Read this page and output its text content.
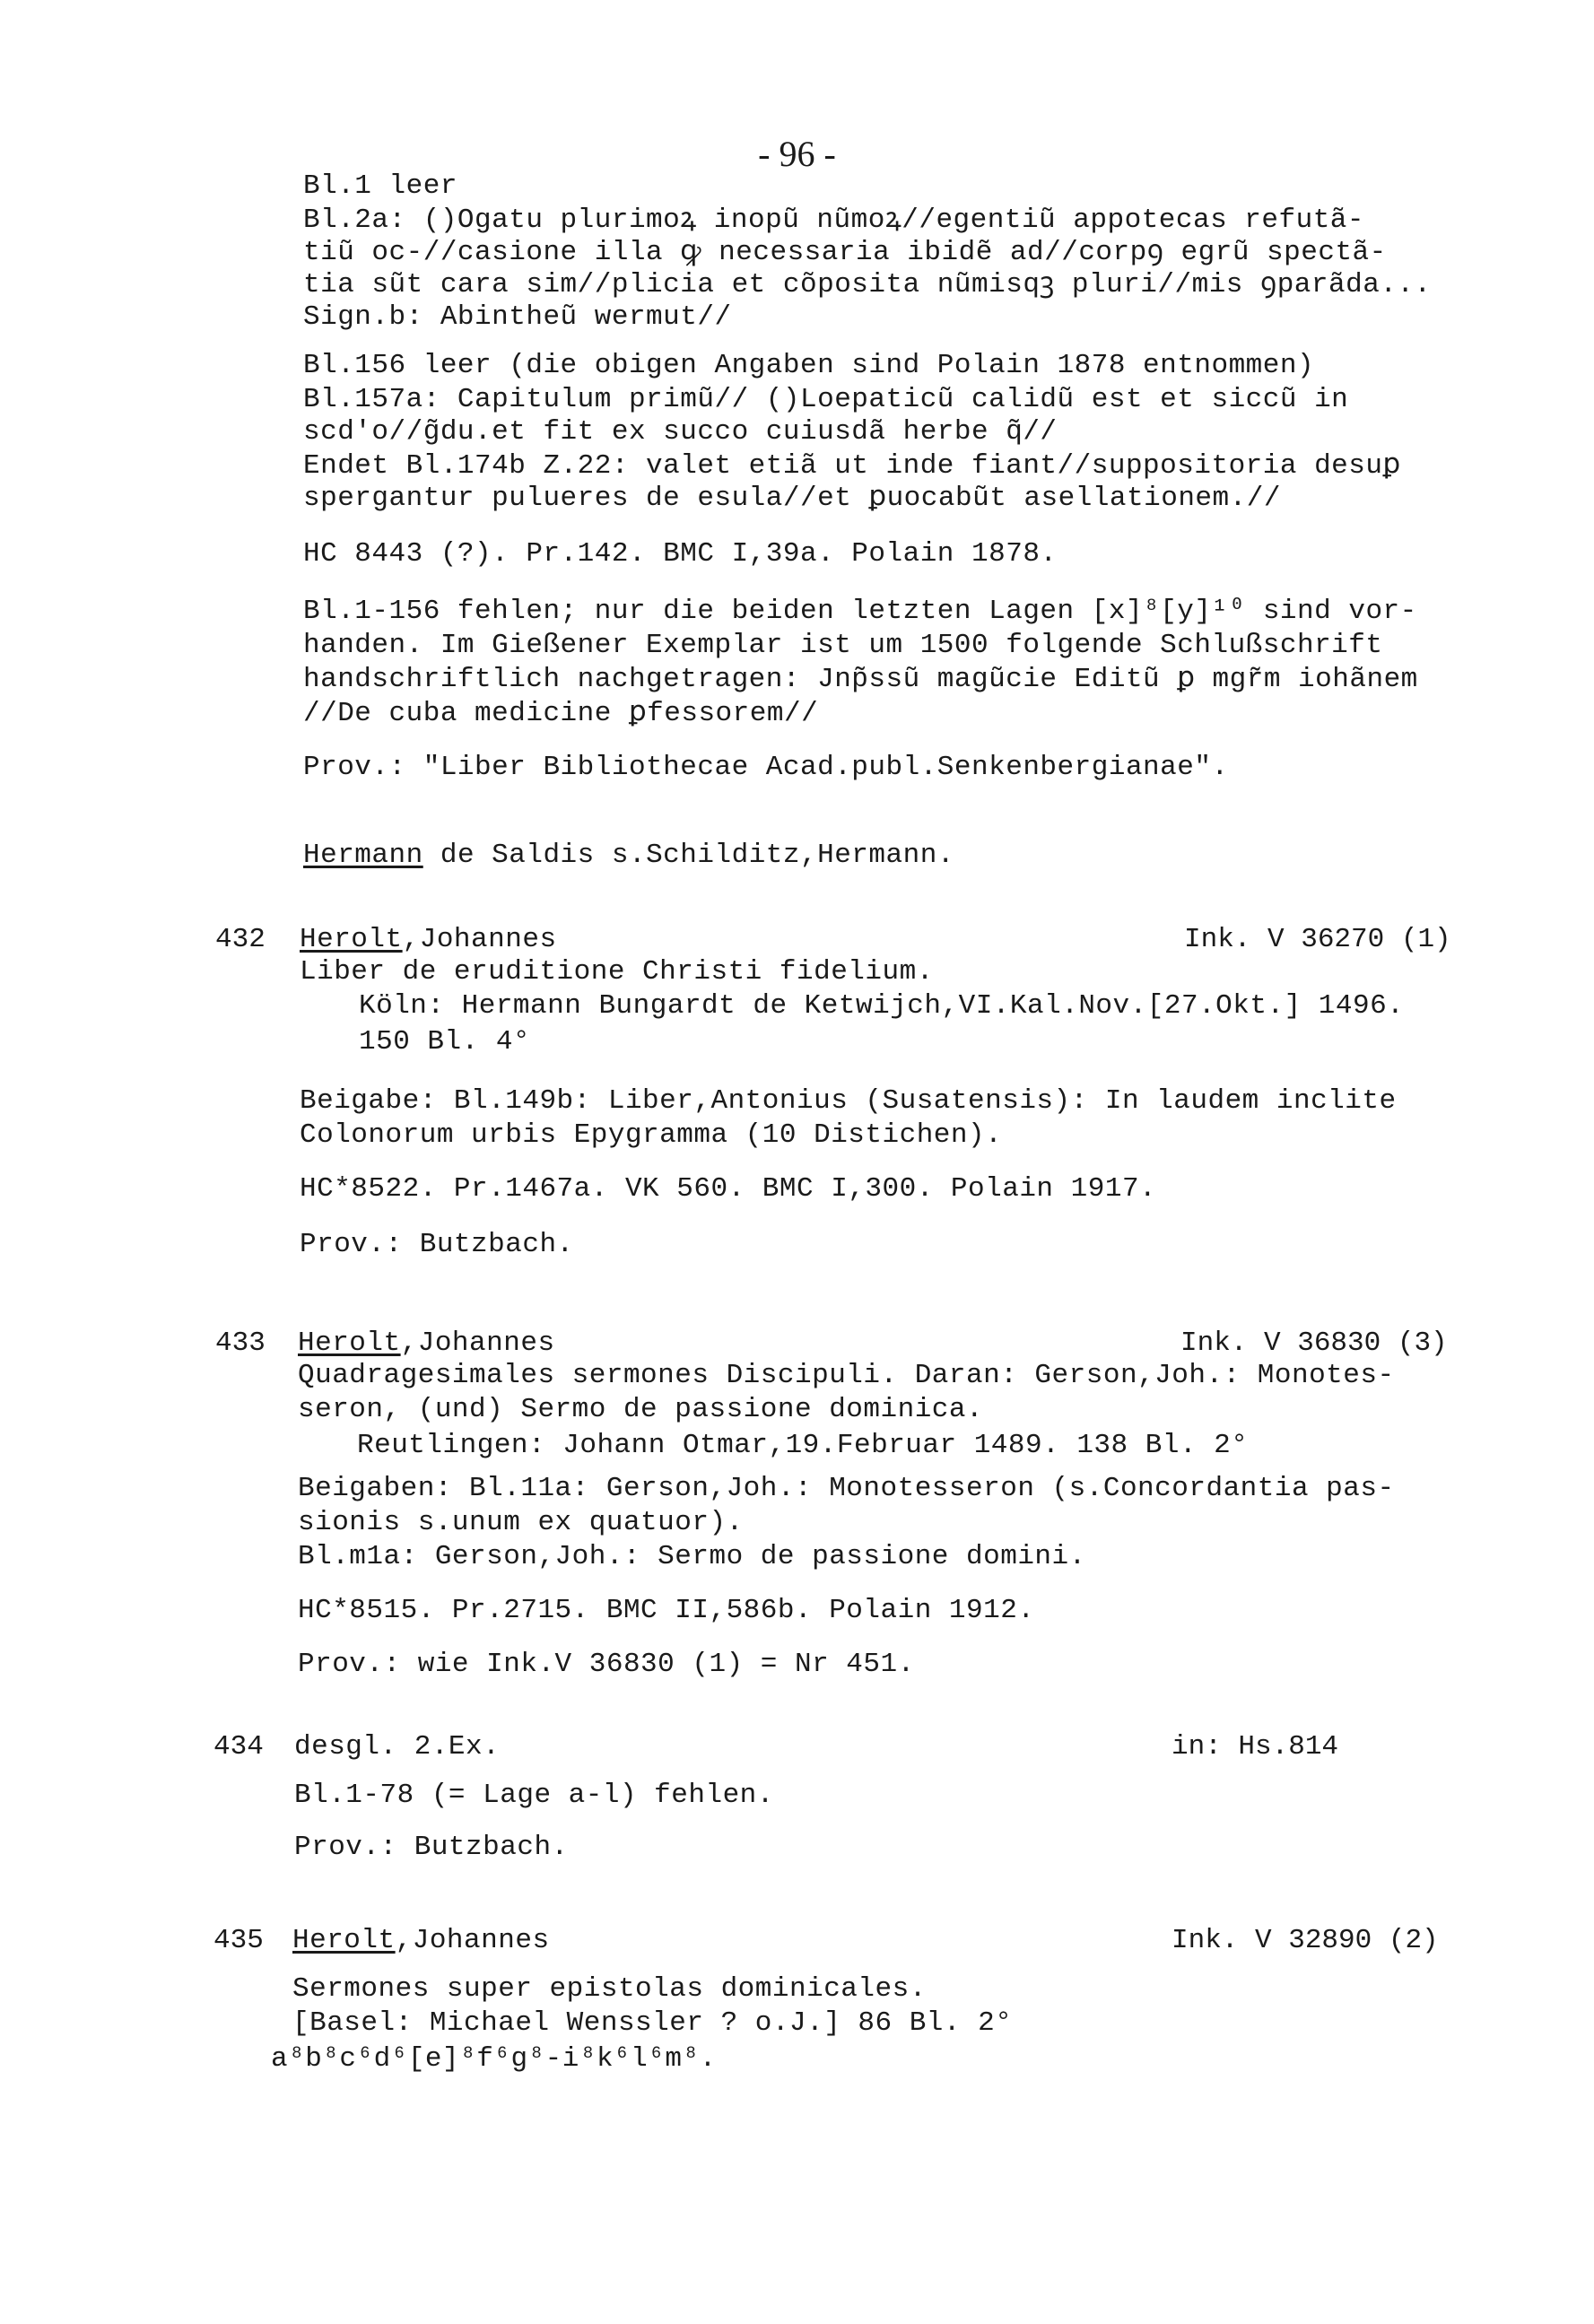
- 96 -
Bl.1 leer
Bl.2a: ()Ogatu plurimoꝝ inopũ nũmoꝝ//egentiũ appotecas refutã-
tiũ oc-//casione illa ꝙ necessaria ibidẽ ad//corpꝯ egrũ spectã-
tia sũt cara sim//plicia et cõposita nũmisqꝫ pluri//mis ꝯparãda...
Sign.b: Abintheũ wermut//
Bl.156 leer (die obigen Angaben sind Polain 1878 entnommen)
Bl.157a: Capitulum primũ// ()Loepaticũ calidũ est et siccũ in
scd'o//g̃du.et fit ex succo cuiusdã herbe q̃//
Endet Bl.174b Z.22: valet etiã ut inde fiant//suppositoria desuꝑ
spergantur pulueres de esula//et ꝑuocabũt asellationem.//
HC 8443 (?). Pr.142. BMC I,39a. Polain 1878.
Bl.1-156 fehlen; nur die beiden letzten Lagen [x]⁸[y]¹⁰ sind vor-
handen. Im Gießener Exemplar ist um 1500 folgende Schlußschrift
handschriftlich nachgetragen: Jnp̃ssũ magũcie Editũ ꝑ mgr̃m iohãnem
//De cuba medicine ꝑfessorem//
Prov.: "Liber Bibliothecae Acad.publ.Senkenbergianae".
Hermann de Saldis s.Schilditz,Hermann.
Liber de eruditione Christi fidelium.
Köln: Hermann Bungardt de Ketwijch,VI.Kal.Nov.[27.Okt.] 1496.
150 Bl. 4°
Beigabe: Bl.149b: Liber,Antonius (Susatensis): In laudem inclite
Colonorum urbis Epygramma (10 Distichen).
HC*8522. Pr.1467a. VK 560. BMC I,300. Polain 1917.
Prov.: Butzbach.
Quadragesimales sermones Discipuli. Daran: Gerson,Joh.: Monotes-
seron, (und) Sermo de passione dominica.
Reutlingen: Johann Otmar,19.Februar 1489. 138 Bl. 2°
Beigaben: Bl.11a: Gerson,Joh.: Monotesseron (s.Concordantia pas-
sionis s.unum ex quatuor).
Bl.m1a: Gerson,Joh.: Sermo de passione domini.
HC*8515. Pr.2715. BMC II,586b. Polain 1912.
Prov.: wie Ink.V 36830 (1) = Nr 451.
Bl.1-78 (= Lage a-l) fehlen.
Prov.: Butzbach.
Sermones super epistolas dominicales.
[Basel: Michael Wenssler ? o.J.] 86 Bl. 2°
a⁸b⁸c⁶d⁶[e]⁸f⁶g⁸-i⁸k⁶l⁶m⁸.
432 Herolt,Johannes	Ink. V 36270 (1)
433 Herolt,Johannes	Ink. V 36830 (3)
434 desgl. 2.Ex.	in: Hs.814
435 Herolt,Johannes	Ink. V 32890 (2)
